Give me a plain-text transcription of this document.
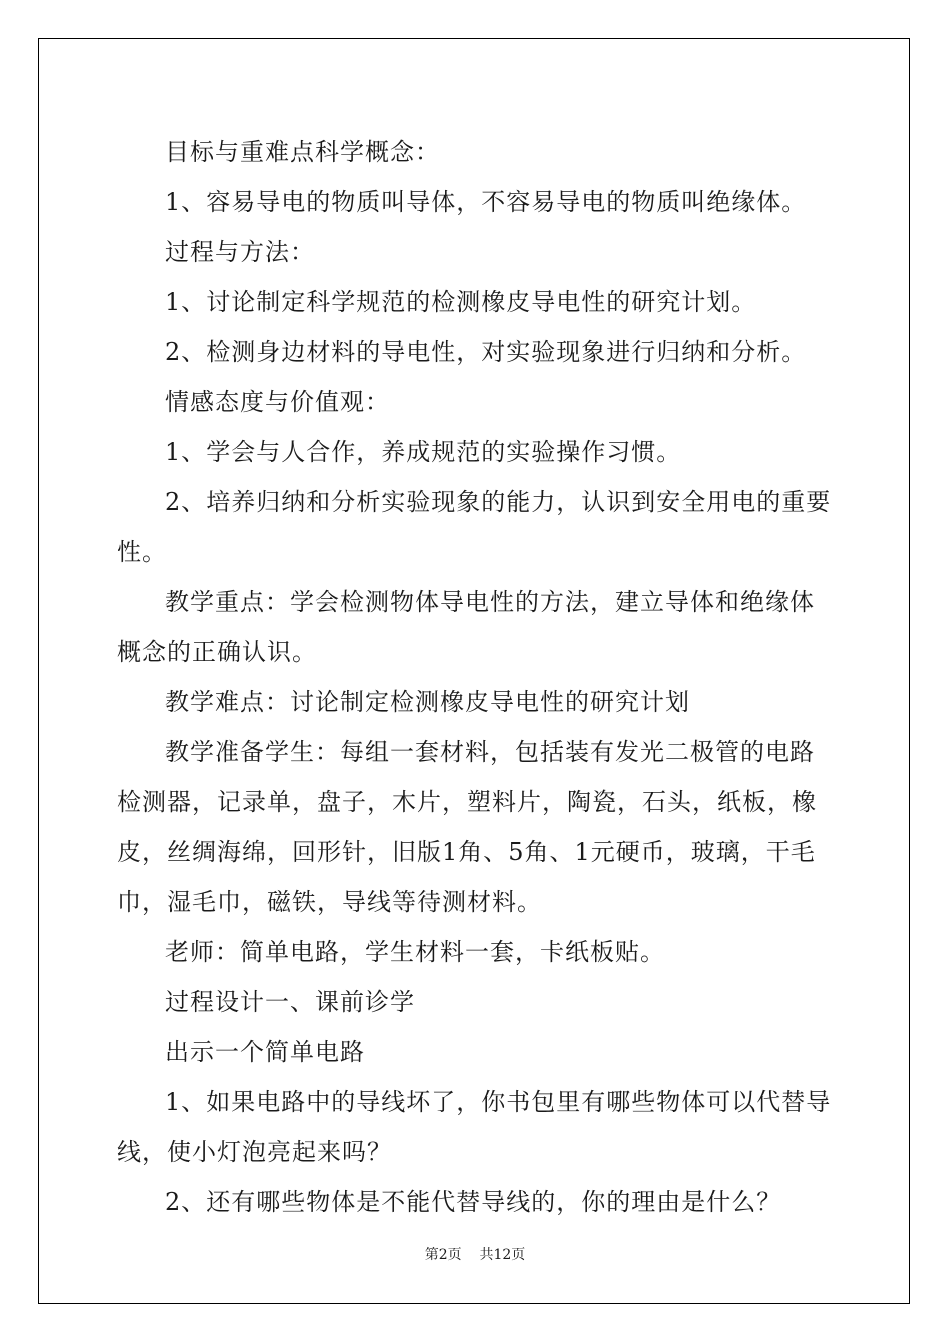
目标与重难点科学概念：

1、容易导电的物质叫导体，不容易导电的物质叫绝缘体。

过程与方法：

1、讨论制定科学规范的检测橡皮导电性的研究计划。

2、检测身边材料的导电性，对实验现象进行归纳和分析。

情感态度与价值观：

1、学会与人合作，养成规范的实验操作习惯。

2、培养归纳和分析实验现象的能力，认识到安全用电的重要性。

教学重点：学会检测物体导电性的方法，建立导体和绝缘体概念的正确认识。

教学难点：讨论制定检测橡皮导电性的研究计划

教学准备学生：每组一套材料，包括装有发光二极管的电路检测器，记录单，盘子，木片，塑料片，陶瓷，石头，纸板，橡皮，丝绸海绵，回形针，旧版1角、5角、1元硬币，玻璃，干毛巾，湿毛巾，磁铁，导线等待测材料。

老师：简单电路，学生材料一套，卡纸板贴。

过程设计一、课前诊学

出示一个简单电路

1、如果电路中的导线坏了，你书包里有哪些物体可以代替导线，使小灯泡亮起来吗？

2、还有哪些物体是不能代替导线的，你的理由是什么？

第2页 共12页
